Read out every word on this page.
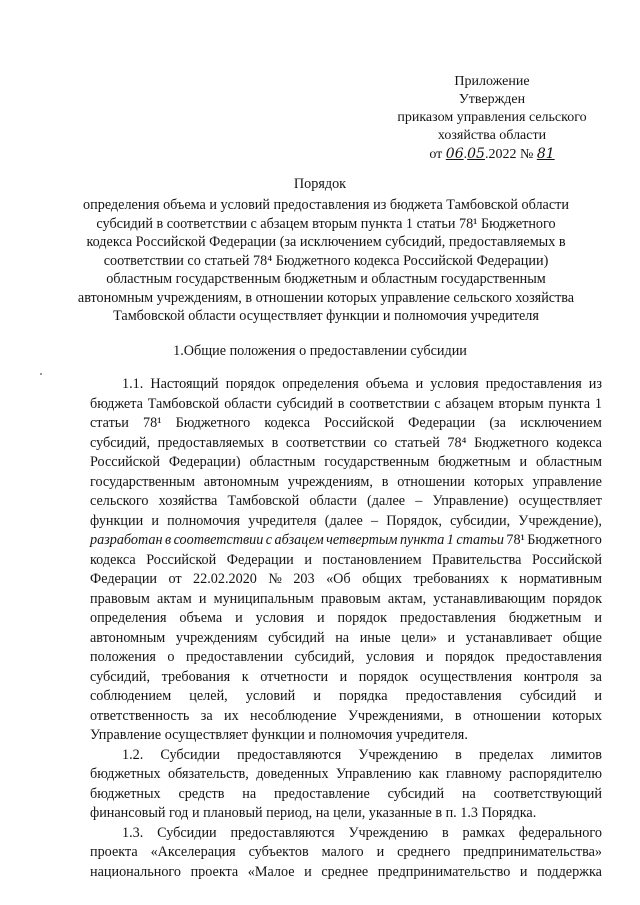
Приложение
Утвержден
приказом управления сельского
хозяйства области
от 06.05.2022 № 81
Порядок
определения объема и условий предоставления из бюджета Тамбовской области
субсидий в соответствии с абзацем вторым пункта 1 статьи 78¹ Бюджетного
кодекса Российской Федерации (за исключением субсидий, предоставляемых в
соответствии со статьей 78⁴ Бюджетного кодекса Российской Федерации)
областным государственным бюджетным и областным государственным
автономным учреждениям, в отношении которых управление сельского хозяйства
Тамбовской области осуществляет функции и полномочия учредителя
1.Общие положения о предоставлении субсидии
1.1. Настоящий порядок определения объема и условия предоставления из
бюджета Тамбовской области субсидий в соответствии с абзацем вторым пункта 1
статьи 78¹ Бюджетного кодекса Российской Федерации (за исключением
субсидий, предоставляемых в соответствии со статьей 78⁴ Бюджетного кодекса
Российской Федерации) областным государственным бюджетным и областным
государственным автономным учреждениям, в отношении которых управление
сельского хозяйства Тамбовской области (далее – Управление) осуществляет
функции и полномочия учредителя (далее – Порядок, субсидии, Учреждение),
разработан в соответствии с абзацем четвертым пункта 1 статьи 78¹ Бюджетного
кодекса Российской Федерации и постановлением Правительства Российской
Федерации от 22.02.2020 № 203 «Об общих требованиях к нормативным
правовым актам и муниципальным правовым актам, устанавливающим порядок
определения объема и условия и порядок предоставления бюджетным и
автономным учреждениям субсидий на иные цели» и устанавливает общие
положения о предоставлении субсидий, условия и порядок предоставления
субсидий, требования к отчетности и порядок осуществления контроля за
соблюдением целей, условий и порядка предоставления субсидий и
ответственность за их несоблюдение Учреждениями, в отношении которых
Управление осуществляет функции и полномочия учредителя.
1.2. Субсидии предоставляются Учреждению в пределах лимитов
бюджетных обязательств, доведенных Управлению как главному распорядителю
бюджетных средств на предоставление субсидий на соответствующий
финансовый год и плановый период, на цели, указанные в п. 1.3 Порядка.
1.3. Субсидии предоставляются Учреждению в рамках федерального
проекта «Акселерация субъектов малого и среднего предпринимательства»
национального проекта «Малое и среднее предпринимательство и поддержка
